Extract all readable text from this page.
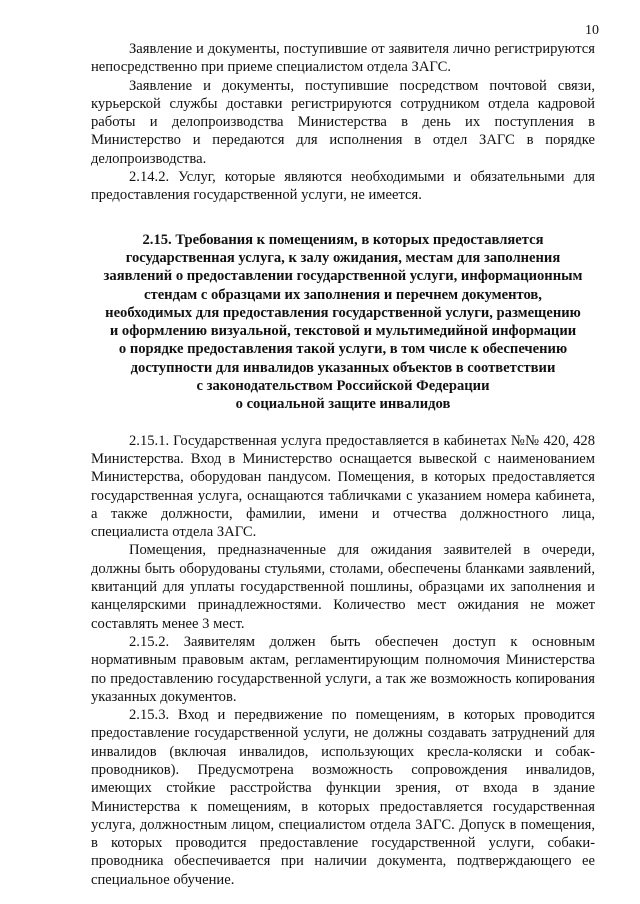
10

Заявление и документы, поступившие от заявителя лично регистрируются непосредственно при приеме специалистом отдела ЗАГС.

Заявление и документы, поступившие посредством почтовой связи, курьерской службы доставки регистрируются сотрудником отдела кадровой работы и делопроизводства Министерства в день их поступления в Министерство и передаются для исполнения в отдел ЗАГС в порядке делопроизводства.

2.14.2. Услуг, которые являются необходимыми и обязательными для предоставления государственной услуги, не имеется.

2.15. Требования к помещениям, в которых предоставляется
государственная услуга, к залу ожидания, местам для заполнения
заявлений о предоставлении государственной услуги, информационным
стендам с образцами их заполнения и перечнем документов,
необходимых для предоставления государственной услуги, размещению
и оформлению визуальной, текстовой и мультимедийной информации
о порядке предоставления такой услуги, в том числе к обеспечению
доступности для инвалидов указанных объектов в соответствии
с законодательством Российской Федерации
о социальной защите инвалидов

2.15.1. Государственная услуга предоставляется в кабинетах №№ 420, 428 Министерства. Вход в Министерство оснащается вывеской с наименованием Министерства, оборудован пандусом. Помещения, в которых предоставляется государственная услуга, оснащаются табличками с указанием номера кабинета, а также должности, фамилии, имени и отчества должностного лица, специалиста отдела ЗАГС.

Помещения, предназначенные для ожидания заявителей в очереди, должны быть оборудованы стульями, столами, обеспечены бланками заявлений, квитанций для уплаты государственной пошлины, образцами их заполнения и канцелярскими принадлежностями. Количество мест ожидания не может составлять менее 3 мест.

2.15.2. Заявителям должен быть обеспечен доступ к основным нормативным правовым актам, регламентирующим полномочия Министерства по предоставлению государственной услуги, а так же возможность копирования указанных документов.

2.15.3. Вход и передвижение по помещениям, в которых проводится предоставление государственной услуги, не должны создавать затруднений для инвалидов (включая инвалидов, использующих кресла-коляски и собак-проводников). Предусмотрена возможность сопровождения инвалидов, имеющих стойкие расстройства функции зрения, от входа в здание Министерства к помещениям, в которых предоставляется государственная услуга, должностным лицом, специалистом отдела ЗАГС. Допуск в помещения, в которых проводится предоставление государственной услуги, собаки-проводника обеспечивается при наличии документа, подтверждающего ее специальное обучение.
